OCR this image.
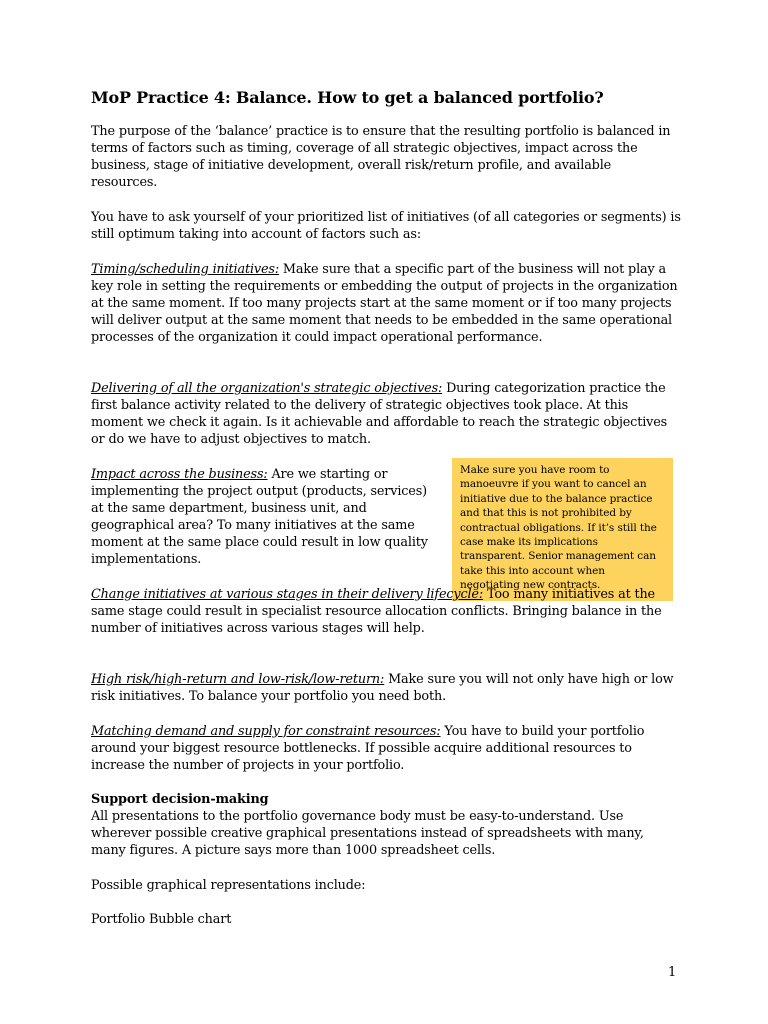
MoP Practice 4: Balance. How to get a balanced portfolio?

The purpose of the ‘balance’ practice is to ensure that the resulting portfolio is balanced in terms of factors such as timing, coverage of all strategic objectives, impact across the business, stage of initiative development, overall risk/return profile, and available resources.

You have to ask yourself of your prioritized list of initiatives (of all categories or segments) is still optimum taking into account of factors such as:

Timing/scheduling initiatives: Make sure that a specific part of the business will not play a key role in setting the requirements or embedding the output of projects in the organization at the same moment. If too many projects start at the same moment or if too many projects will deliver output at the same moment that needs to be embedded in the same operational processes of the organization it could impact operational performance.

Delivering of all the organization's strategic objectives: During categorization practice the first balance activity related to the delivery of strategic objectives took place. At this moment we check it again. Is it achievable and affordable to reach the strategic objectives or do we have to adjust objectives to match.

Impact across the business: Are we starting or implementing the project output (products, services) at the same department, business unit, and geographical area? To many initiatives at the same moment at the same place could result in low quality implementations.

Make sure you have room to manoeuvre if you want to cancel an initiative due to the balance practice and that this is not prohibited by contractual obligations. If it’s still the case make its implications transparent. Senior management can take this into account when negotiating new contracts.

Change initiatives at various stages in their delivery lifecycle: Too many initiatives at the same stage could result in specialist resource allocation conflicts. Bringing balance in the number of initiatives across various stages will help.

High risk/high-return and low-risk/low-return: Make sure you will not only have high or low risk initiatives. To balance your portfolio you need both.

Matching demand and supply for constraint resources: You have to build your portfolio around your biggest resource bottlenecks. If possible acquire additional resources to increase the number of projects in your portfolio.

Support decision-making
All presentations to the portfolio governance body must be easy-to-understand. Use wherever possible creative graphical presentations instead of spreadsheets with many, many figures. A picture says more than 1000 spreadsheet cells.

Possible graphical representations include:

Portfolio Bubble chart

1
